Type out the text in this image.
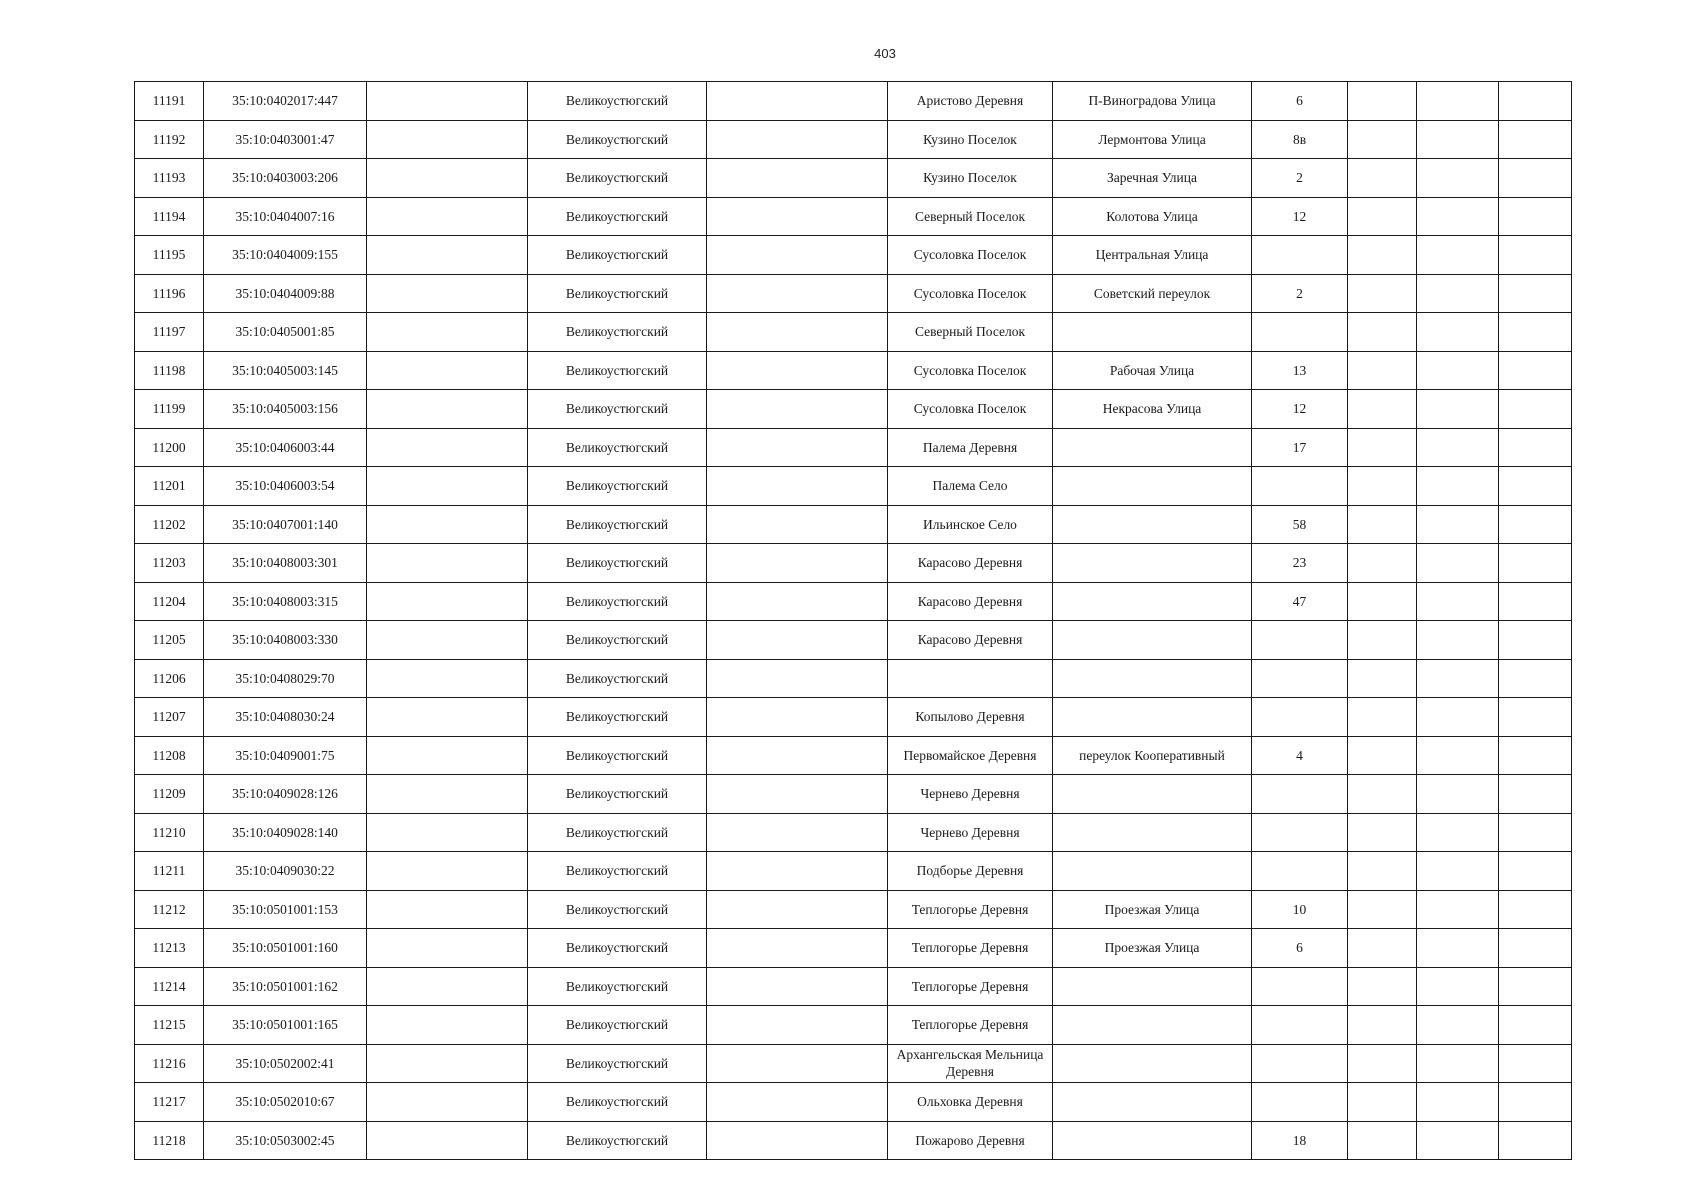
403
11191	35:10:0402017:447		Великоустюгский		Аристово Деревня	П-Виноградова Улица	6			
11192	35:10:0403001:47		Великоустюгский		Кузино Поселок	Лермонтова Улица	8в			
11193	35:10:0403003:206		Великоустюгский		Кузино Поселок	Заречная Улица	2			
11194	35:10:0404007:16		Великоустюгский		Северный Поселок	Колотова Улица	12			
11195	35:10:0404009:155		Великоустюгский		Сусоловка Поселок	Центральная Улица				
11196	35:10:0404009:88		Великоустюгский		Сусоловка Поселок	Советский переулок	2			
11197	35:10:0405001:85		Великоустюгский		Северный Поселок					
11198	35:10:0405003:145		Великоустюгский		Сусоловка Поселок	Рабочая Улица	13			
11199	35:10:0405003:156		Великоустюгский		Сусоловка Поселок	Некрасова Улица	12			
11200	35:10:0406003:44		Великоустюгский		Палема Деревня		17			
11201	35:10:0406003:54		Великоустюгский		Палема Село					
11202	35:10:0407001:140		Великоустюгский		Ильинское Село		58			
11203	35:10:0408003:301		Великоустюгский		Карасово Деревня		23			
11204	35:10:0408003:315		Великоустюгский		Карасово Деревня		47			
11205	35:10:0408003:330		Великоустюгский		Карасово Деревня					
11206	35:10:0408029:70		Великоустюгский							
11207	35:10:0408030:24		Великоустюгский		Копылово Деревня					
11208	35:10:0409001:75		Великоустюгский		Первомайское Деревня	переулок Кооперативный	4			
11209	35:10:0409028:126		Великоустюгский		Чернево Деревня					
11210	35:10:0409028:140		Великоустюгский		Чернево Деревня					
11211	35:10:0409030:22		Великоустюгский		Подборье Деревня					
11212	35:10:0501001:153		Великоустюгский		Теплогорье Деревня	Проезжая Улица	10			
11213	35:10:0501001:160		Великоустюгский		Теплогорье Деревня	Проезжая Улица	6			
11214	35:10:0501001:162		Великоустюгский		Теплогорье Деревня					
11215	35:10:0501001:165		Великоустюгский		Теплогорье Деревня					
11216	35:10:0502002:41		Великоустюгский		Архангельская Мельница Деревня					
11217	35:10:0502010:67		Великоустюгский		Ольховка Деревня					
11218	35:10:0503002:45		Великоустюгский		Пожарово Деревня		18			
